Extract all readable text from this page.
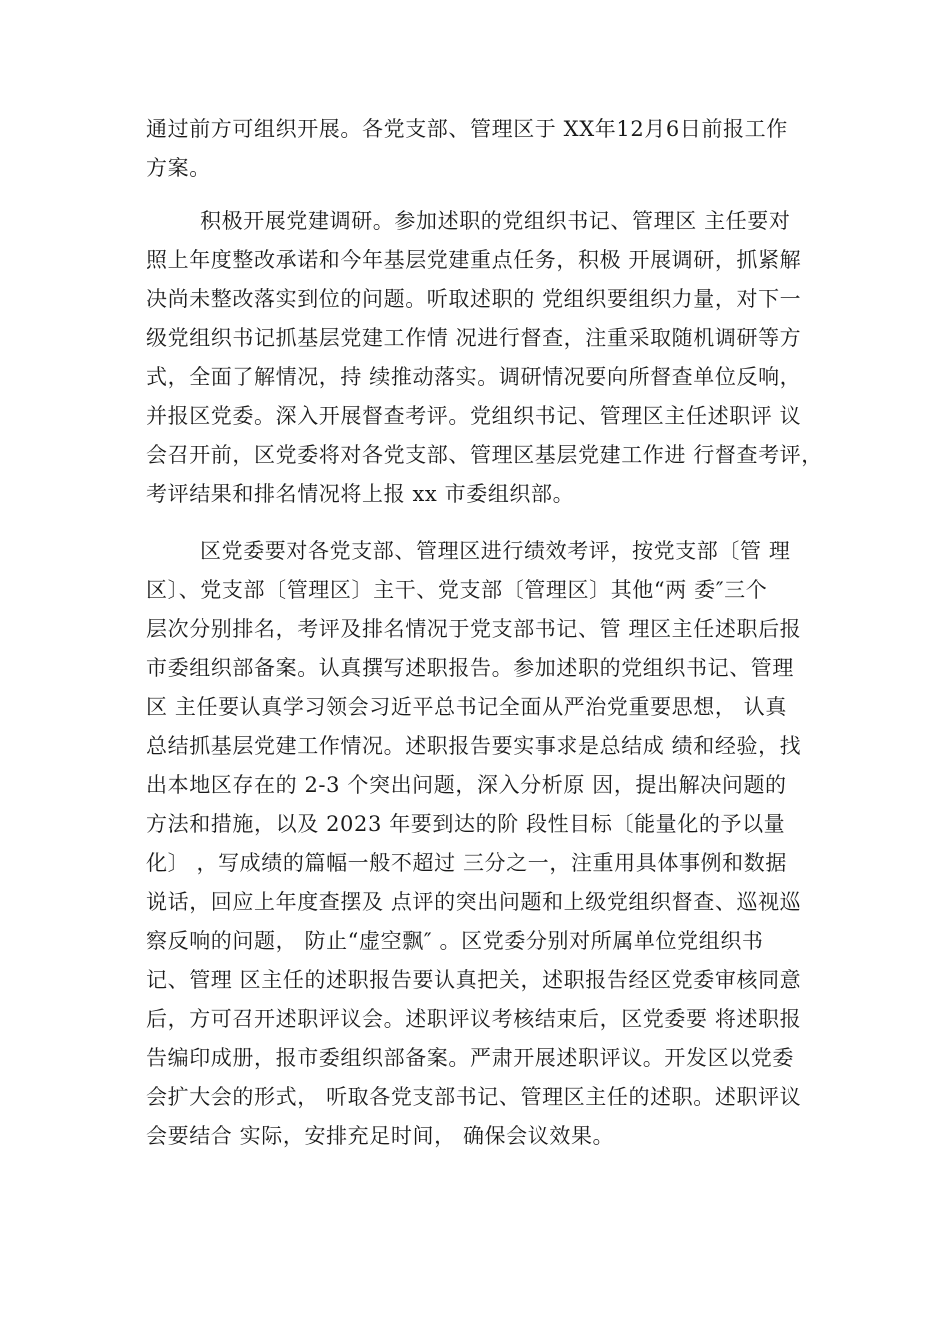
通过前方可组织开展。各党支部、管理区于 XX年12月6日前报工作
方案。
积极开展党建调研。参加述职的党组织书记、管理区 主任要对
照上年度整改承诺和今年基层党建重点任务，积极 开展调研，抓紧解
决尚未整改落实到位的问题。听取述职的 党组织要组织力量，对下一
级党组织书记抓基层党建工作情 况进行督查，注重采取随机调研等方
式，全面了解情况，持 续推动落实。调研情况要向所督查单位反响，
并报区党委。深入开展督查考评。党组织书记、管理区主任述职评 议
会召开前，区党委将对各党支部、管理区基层党建工作进 行督查考评，
考评结果和排名情况将上报 xx 市委组织部。
区党委要对各党支部、管理区进行绩效考评，按党支部〔管 理
区〕、党支部〔管理区〕主干、党支部〔管理区〕其他“两 委″三个
层次分别排名，考评及排名情况于党支部书记、管 理区主任述职后报
市委组织部备案。认真撰写述职报告。参加述职的党组织书记、管理
区 主任要认真学习领会习近平总书记全面从严治党重要思想， 认真
总结抓基层党建工作情况。述职报告要实事求是总结成 绩和经验，找
出本地区存在的 2-3 个突出问题，深入分析原 因，提出解决问题的
方法和措施，以及 2023 年要到达的阶 段性目标〔能量化的予以量
化〕 ，写成绩的篇幅一般不超过 三分之一，注重用具体事例和数据
说话，回应上年度查摆及 点评的突出问题和上级党组织督查、巡视巡
察反响的问题， 防止“虚空飘″ 。区党委分别对所属单位党组织书
记、管理 区主任的述职报告要认真把关，述职报告经区党委审核同意
后，方可召开述职评议会。述职评议考核结束后，区党委要 将述职报
告编印成册，报市委组织部备案。严肃开展述职评议。开发区以党委
会扩大会的形式， 听取各党支部书记、管理区主任的述职。述职评议
会要结合 实际，安排充足时间， 确保会议效果。
